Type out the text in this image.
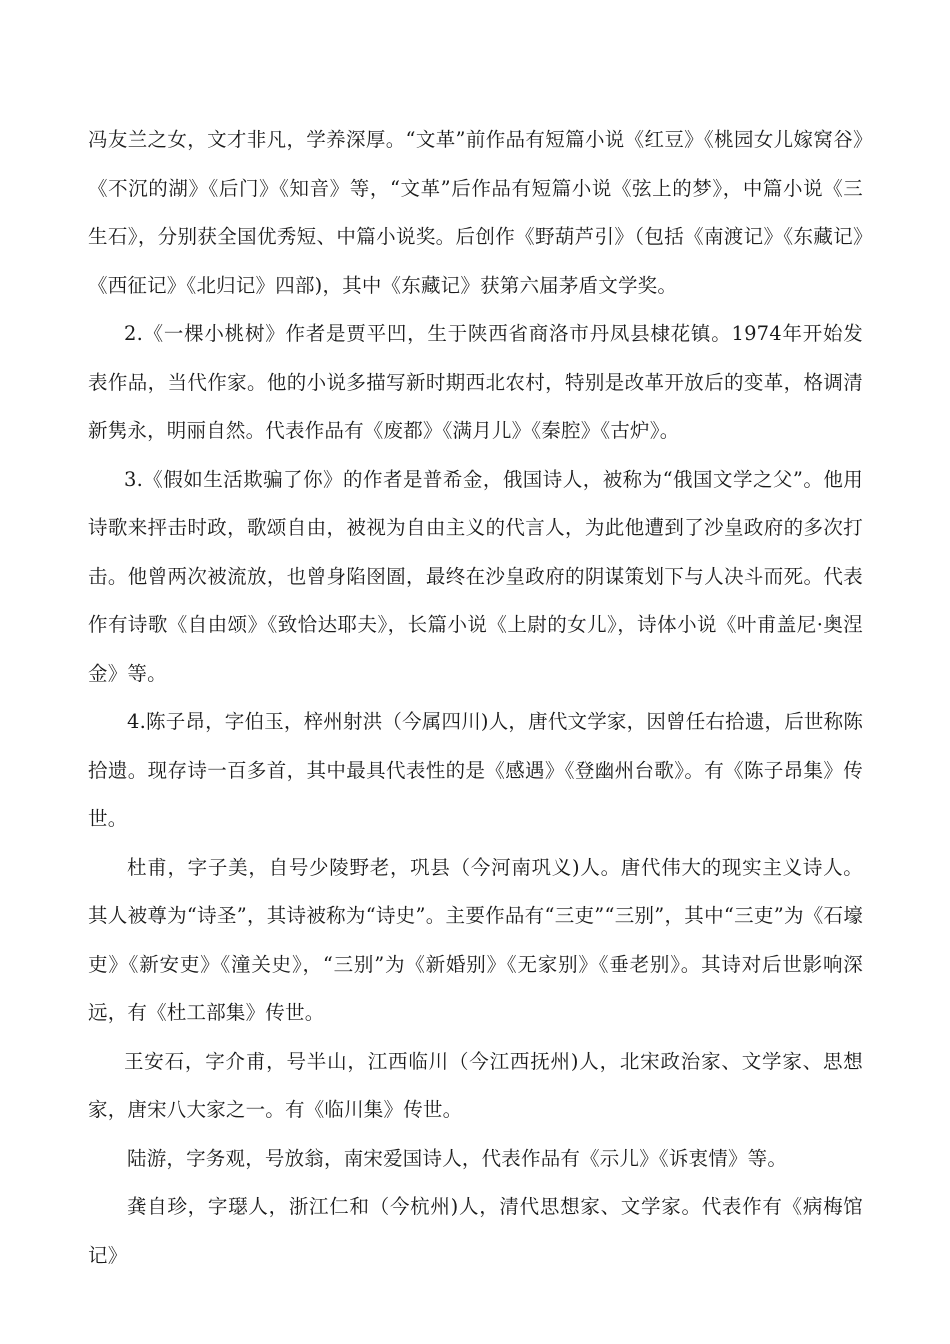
冯友兰之女，文才非凡，学养深厚。“文革”前作品有短篇小说《红豆》《桃园女儿嫁窝谷》《不沉的湖》《后门》《知音》等，“文革”后作品有短篇小说《弦上的梦》，中篇小说《三生石》，分别获全国优秀短、中篇小说奖。后创作《野葫芦引》（包括《南渡记》《东藏记》《西征记》《北归记》四部)，其中《东藏记》获第六届茅盾文学奖。

2.《一棵小桃树》作者是贾平凹，生于陕西省商洛市丹凤县棣花镇。1974年开始发表作品，当代作家。他的小说多描写新时期西北农村，特别是改革开放后的变革，格调清新隽永，明丽自然。代表作品有《废都》《满月儿》《秦腔》《古炉》。

3.《假如生活欺骗了你》的作者是普希金，俄国诗人，被称为“俄国文学之父”。他用诗歌来抨击时政，歌颂自由，被视为自由主义的代言人，为此他遭到了沙皇政府的多次打击。他曾两次被流放，也曾身陷囹圄，最终在沙皇政府的阴谋策划下与人决斗而死。代表作有诗歌《自由颂》《致恰达耶夫》，长篇小说《上尉的女儿》，诗体小说《叶甫盖尼·奥涅金》等。

4.陈子昂，字伯玉，梓州射洪（今属四川)人，唐代文学家，因曾任右拾遗，后世称陈拾遗。现存诗一百多首，其中最具代表性的是《感遇》《登幽州台歌》。有《陈子昂集》传世。

杜甫，字子美，自号少陵野老，巩县（今河南巩义)人。唐代伟大的现实主义诗人。其人被尊为“诗圣”，其诗被称为“诗史”。主要作品有“三吏”“三别”，其中“三吏”为《石壕吏》《新安吏》《潼关史》，“三别”为《新婚别》《无家别》《垂老别》。其诗对后世影响深远，有《杜工部集》传世。

王安石，字介甫，号半山，江西临川（今江西抚州)人，北宋政治家、文学家、思想家，唐宋八大家之一。有《临川集》传世。

陆游，字务观，号放翁，南宋爱国诗人，代表作品有《示儿》《诉衷情》等。

龚自珍，字璱人，浙江仁和（今杭州)人，清代思想家、文学家。代表作有《病梅馆记》
